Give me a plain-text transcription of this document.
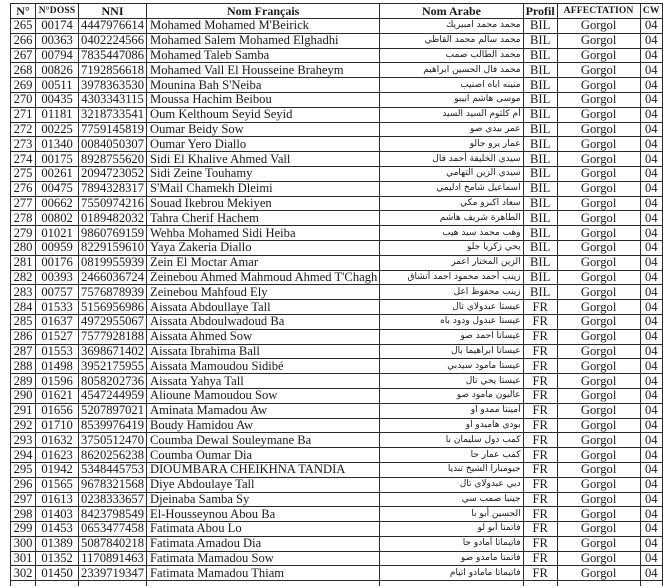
N°	N°DOSS	NNI	Nom Français	Nom Arabe	Profil	AFFECTATION	CW
265	00174	4447976614	Mohamed Mohamed M'Beirick	محمد محمد امبيريك	BIL	Gorgol	04
266	00363	0402224566	Mohamed Salem Mohamed Elghadhi	محمد سالم محمد القاظي	BIL	Gorgol	04
267	00794	7835447086	Mohamed Taleb Samba	محمد الطالب صمب	BIL	Gorgol	04
268	00826	7192856618	Mohamed Vall El Housseine Braheym	محمد فال الحسين ابراهيم	BIL	Gorgol	04
269	00511	3978363530	Mounina Bah S'Neiba	منينه اباه اصنيب	BIL	Gorgol	04
270	00435	4303343115	Moussa Hachim Beibou	موسى هاشم ابيبو	BIL	Gorgol	04
271	01181	3218733541	Oum Kelthoum Seyid Seyid	أم كلثوم السيد السيد	BIL	Gorgol	04
272	00225	7759145819	Oumar Beidy Sow	عمر بيدي صو	BIL	Gorgol	04
273	01340	0084050307	Oumar Yero Diallo	عمار يرو جالو	BIL	Gorgol	04
274	00175	8928755620	Sidi El Khalive Ahmed Vall	سيدي الخليفة أحمد فال	BIL	Gorgol	04
275	00261	2094723052	Sidi Zeine Touhamy	سيدي الزين التهامي	BIL	Gorgol	04
276	00475	7894328317	S'Mail Chamekh Dleimi	اسماعيل شامخ ادليمي	BIL	Gorgol	04
277	00662	7550974216	Souad Ikebrou Mekiyen	سعاد اكبرو مكي	BIL	Gorgol	04
278	00802	0189482032	Tahra Cherif Hachem	الطاهرة شريف هاشم	BIL	Gorgol	04
279	01021	9860769159	Wehba Mohamed Sidi Heiba	وهب محمد سيد هيب	BIL	Gorgol	04
280	00959	8229159610	Yaya Zakeria Diallo	يحي زكريا جلو	BIL	Gorgol	04
281	00176	0819955939	Zein El Moctar Amar	الزين المختار اعمر	BIL	Gorgol	04
282	00393	2466036724	Zeinebou Ahmed Mahmoud Ahmed T'Chagh	زينب أحمد محمود احمد أتشاق	BIL	Gorgol	04
283	00757	7576878939	Zeinebou Mahfoud Ely	زينب محفوظ اعل	BIL	Gorgol	04
284	01533	5156956986	Aissata Abdoullaye Tall	عيستا عبدولاي تال	FR	Gorgol	04
285	01637	4972955067	Aissata Abdoulwadoud Ba	عيستا عبدول ودود باه	FR	Gorgol	04
286	01527	7577928188	Aissata Ahmed Sow	عيساتا احمد صو	FR	Gorgol	04
287	01553	3698671402	Aissata Ibrahima Ball	عيساتا ابراهيما بال	FR	Gorgol	04
288	01498	3952175955	Aissata Mamoudou Sidibé	عيستا مامود سيدبي	FR	Gorgol	04
289	01596	8058202736	Aissata Yahya Tall	عيستا يحي تال	FR	Gorgol	04
290	01621	4547244959	Alioune Mamoudou Sow	عاليون مامود صو	FR	Gorgol	04
291	01656	5207897021	Aminata Mamadou Aw	آمينتا ممدو او	FR	Gorgol	04
292	01710	8539976419	Boudy Hamidou Aw	بودي هاميدو او	FR	Gorgol	04
293	01632	3750512470	Coumba Dewal Souleymane Ba	كمب دول سليمان با	FR	Gorgol	04
294	01623	8620256238	Coumba Oumar Dia	كمب عمار جا	FR	Gorgol	04
295	01942	5348445753	DIOUMBARA CHEIKHNA TANDIA	جيومبارا الشيخ تنديا	FR	Gorgol	04
296	01565	9678321568	Diye Abdoulaye Tall	ديي عبدولاي تال	FR	Gorgol	04
297	01613	0238333657	Djeinaba Samba Sy	جينبا صمب سي	FR	Gorgol	04
298	01403	8423798549	El-Housseynou Abou Ba	الحسين أبو با	FR	Gorgol	04
299	01453	0653477458	Fatimata Abou Lo	فاتمتا أبو لو	FR	Gorgol	04
300	01389	5087840218	Fatimata Amadou Dia	فاتيماتا أمادو جا	FR	Gorgol	04
301	01352	1170891463	Fatimata Mamadou Sow	فاتمتا مامدو صو	FR	Gorgol	04
302	01450	2339719347	Fatimata Mamadou Thiam	فاتيماتا مامادو اتيام	FR	Gorgol	04
